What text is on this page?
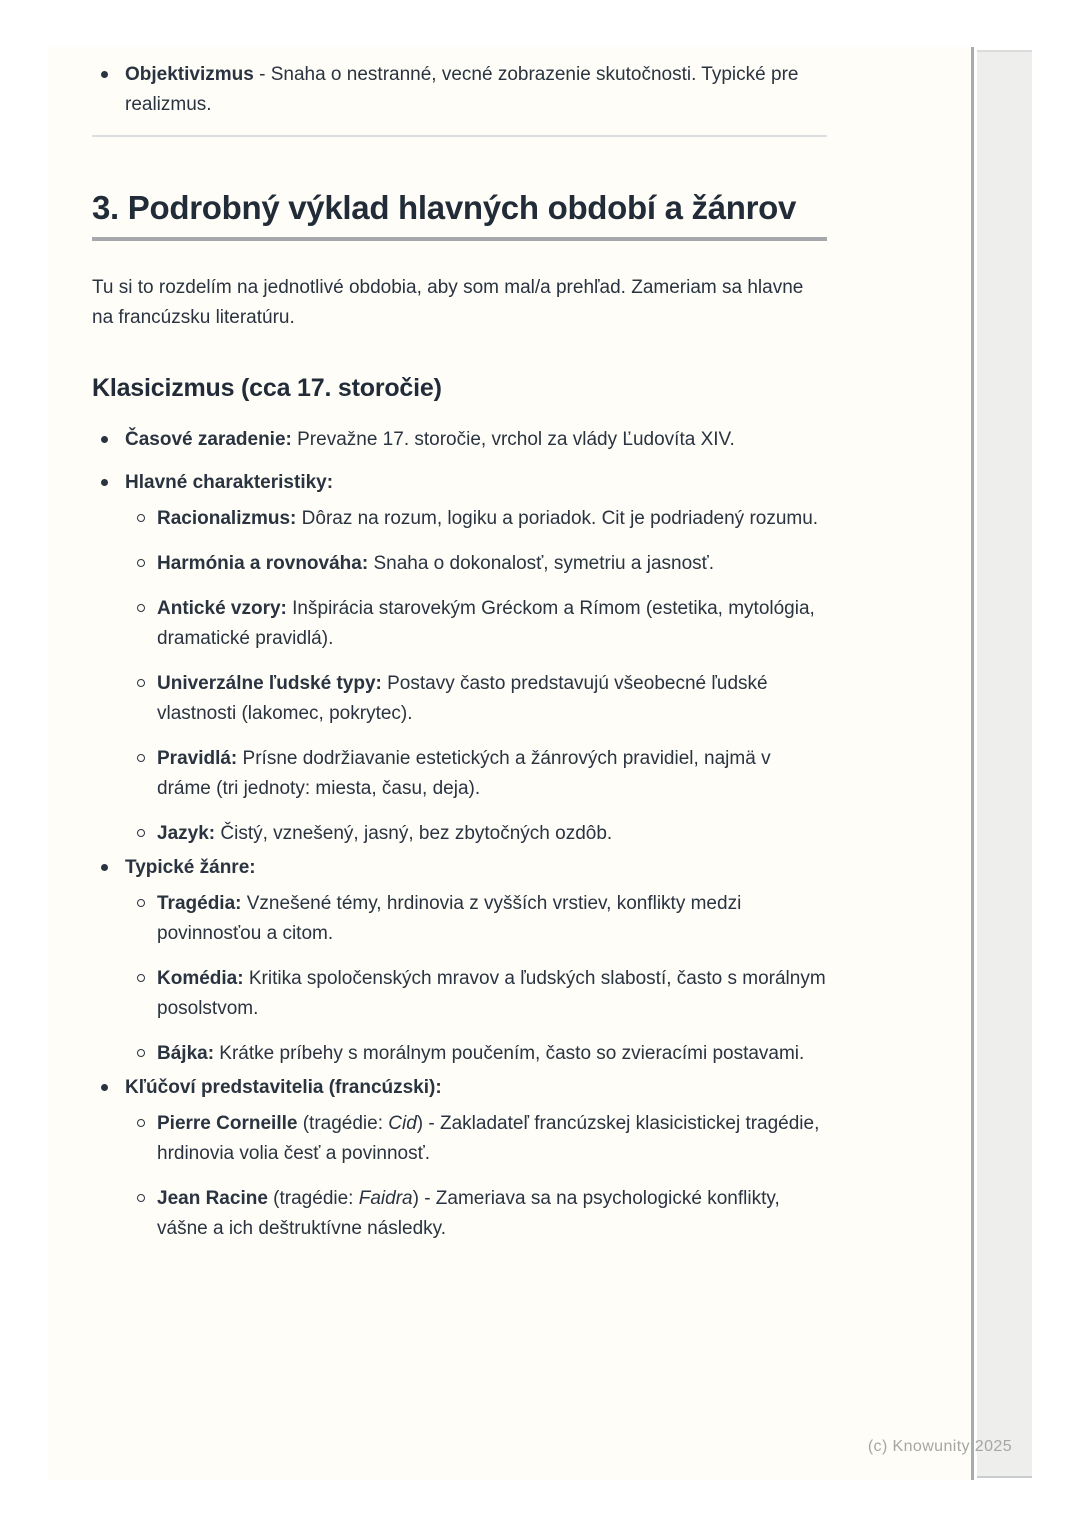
Objektivizmus - Snaha o nestranné, vecné zobrazenie skutočnosti. Typické pre realizmus.

3. Podrobný výklad hlavných období a žánrov

Tu si to rozdelím na jednotlivé obdobia, aby som mal/a prehľad. Zameriam sa hlavne na francúzsku literatúru.

Klasicizmus (cca 17. storočie)

Časové zaradenie: Prevažne 17. storočie, vrchol za vlády Ľudovíta XIV.

Hlavné charakteristiky:

Racionalizmus: Dôraz na rozum, logiku a poriadok. Cit je podriadený rozumu.

Harmónia a rovnováha: Snaha o dokonalosť, symetriu a jasnosť.

Antické vzory: Inšpirácia starovekým Gréckom a Rímom (estetika, mytológia, dramatické pravidlá).

Univerzálne ľudské typy: Postavy často predstavujú všeobecné ľudské vlastnosti (lakomec, pokrytec).

Pravidlá: Prísne dodržiavanie estetických a žánrových pravidiel, najmä v dráme (tri jednoty: miesta, času, deja).

Jazyk: Čistý, vznešený, jasný, bez zbytočných ozdôb.

Typické žánre:

Tragédia: Vznešené témy, hrdinovia z vyšších vrstiev, konflikty medzi povinnosťou a citom.

Komédia: Kritika spoločenských mravov a ľudských slabostí, často s morálnym posolstvom.

Bájka: Krátke príbehy s morálnym poučením, často so zvieracími postavami.

Kľúčoví predstavitelia (francúzski):

Pierre Corneille (tragédie: Cid) - Zakladateľ francúzskej klasicistickej tragédie, hrdinovia volia česť a povinnosť.

Jean Racine (tragédie: Faidra) - Zameriava sa na psychologické konflikty, vášne a ich deštruktívne následky.

(c) Knowunity 2025
